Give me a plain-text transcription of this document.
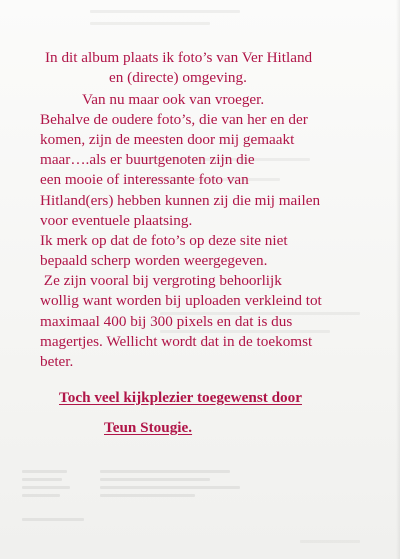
In dit album plaats ik foto’s van Ver Hitland
en (directe) omgeving.
Van nu maar ook van vroeger.
Behalve de oudere foto’s, die van her en der
komen, zijn de meesten door mij gemaakt
maar….als er buurtgenoten zijn die
een mooie of interessante foto van
Hitland(ers) hebben kunnen zij die mij mailen
voor eventuele plaatsing.
Ik merk op dat de foto’s op deze site niet
bepaald scherp worden weergegeven.
Ze zijn vooral bij vergroting behoorlijk
wollig want worden bij uploaden verkleind tot
maximaal 400 bij 300 pixels en dat is dus
magertjes. Wellicht wordt dat in de toekomst
beter.
Toch veel kijkplezier toegewenst door
Teun Stougie.
